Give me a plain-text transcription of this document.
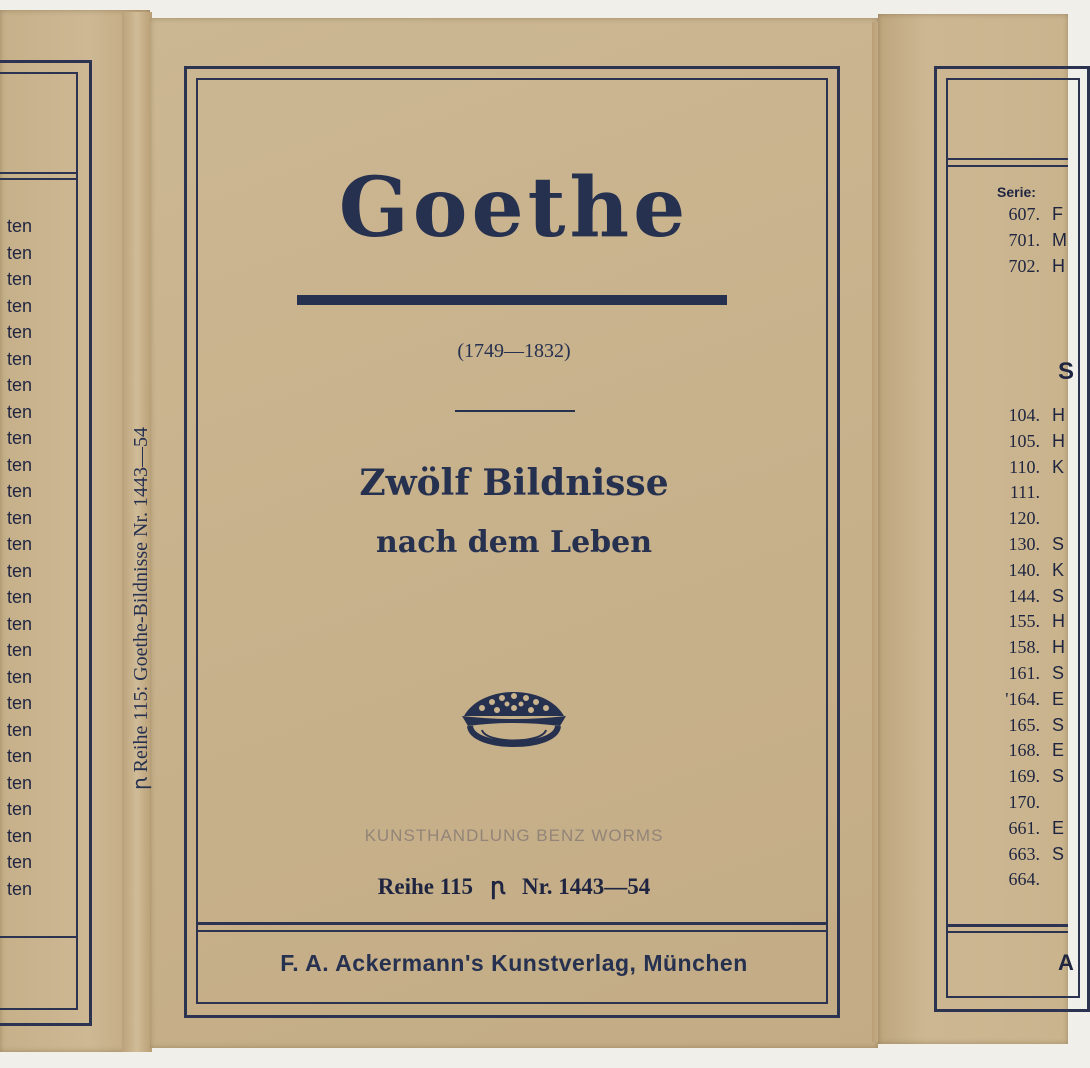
ten
ten
ten
ten
ten
ten
ten
ten
ten
ten
ten
ten
ten
ten
ten
ten
ten
ten
ten
ten
ten
ten
ten
ten
ten
ten
ꞃ Reihe 115: Goethe-Bildnisse Nr. 1443—54
Goethe
(1749—1832)
Zwölf Bildnisse
nach dem Leben
KUNSTHANDLUNG BENZ WORMS
Reihe 115 ꞃ Nr. 1443—54
F. A. Ackermann's Kunstverlag, München
Serie:
607. F
701. M
702. H
S
104. H
105. H
110. K
111.
120.
130. S
140. K
144. S
155. H
158. H
161. S
'164. E
165. S
168. E
169. S
170.
661. E
663. S
664.
A
